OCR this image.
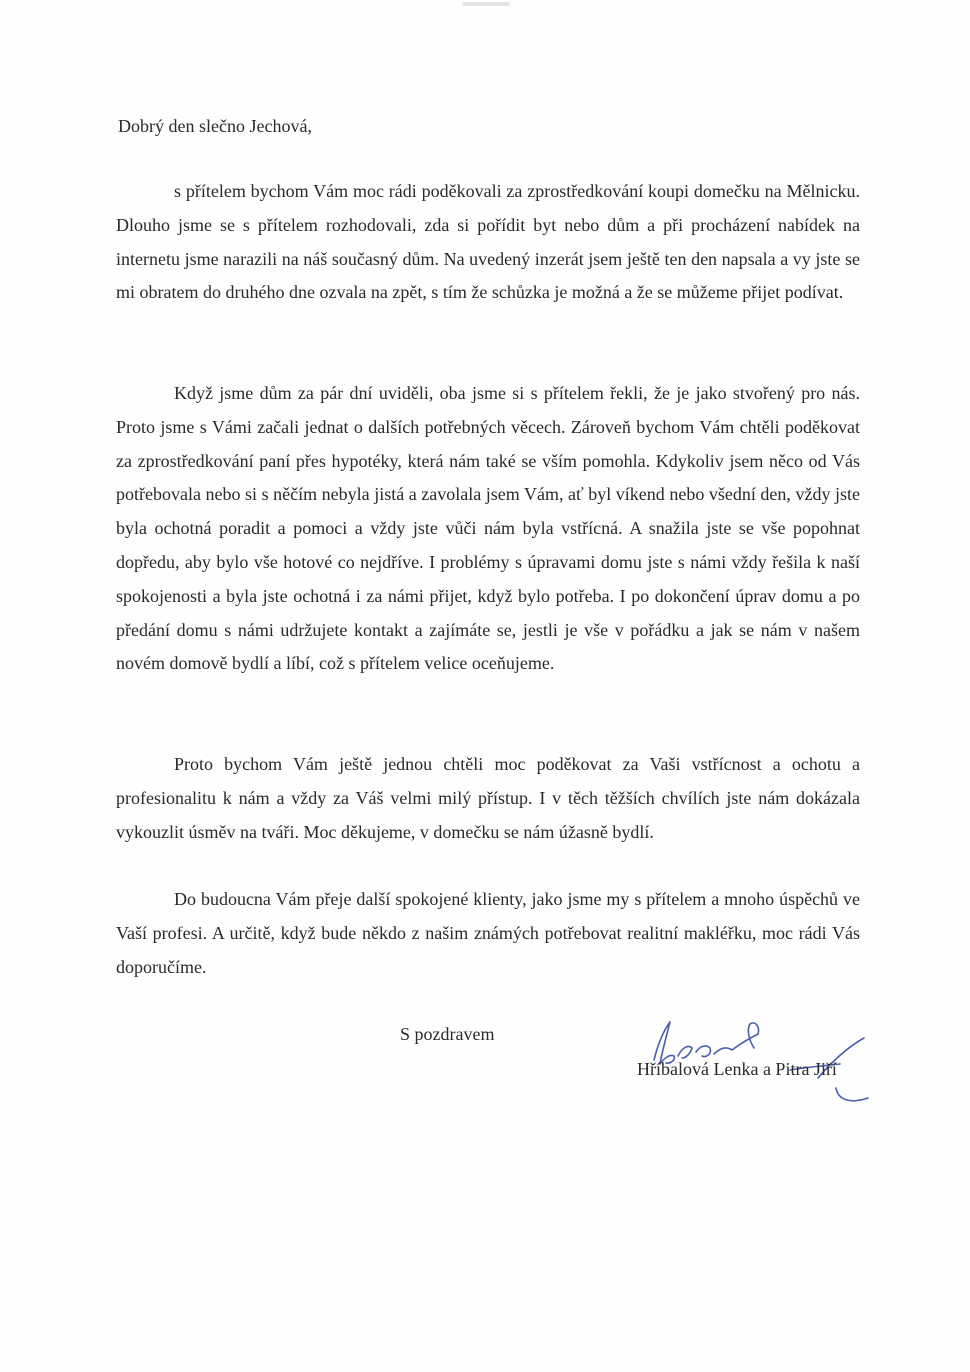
Dobrý den slečno Jechová,

s přítelem bychom Vám moc rádi poděkovali za zprostředkování koupi domečku na Mělnicku. Dlouho jsme se s přítelem rozhodovali, zda si pořídit byt nebo dům a při procházení nabídek na internetu jsme narazili na náš současný dům. Na uvedený inzerát jsem ještě ten den napsala a vy jste se mi obratem do druhého dne ozvala na zpět, s tím že schůzka je možná a že se můžeme přijet podívat.

Když jsme dům za pár dní uviděli, oba jsme si s přítelem řekli, že je jako stvořený pro nás. Proto jsme s Vámi začali jednat o dalších potřebných věcech. Zároveň bychom Vám chtěli poděkovat za zprostředkování paní přes hypotéky, která nám také se vším pomohla. Kdykoliv jsem něco od Vás potřebovala nebo si s něčím nebyla jistá a zavolala jsem Vám, ať byl víkend nebo všední den, vždy jste byla ochotná poradit a pomoci a vždy jste vůči nám byla vstřícná. A snažila jste se vše popohnat dopředu, aby bylo vše hotové co nejdříve. I problémy s úpravami domu jste s námi vždy řešila k naší spokojenosti a byla jste ochotná i za námi přijet, když bylo potřeba. I po dokončení úprav domu a po předání domu s námi udržujete kontakt a zajímáte se, jestli je vše v pořádku a jak se nám v našem novém domově bydlí a líbí, což s přítelem velice oceňujeme.

Proto bychom Vám ještě jednou chtěli moc poděkovat za Vaši vstřícnost a ochotu a profesionalitu k nám a vždy za Váš velmi milý přístup. I v těch těžších chvílích jste nám dokázala vykouzlit úsměv na tváři. Moc děkujeme, v domečku se nám úžasně bydlí.

Do budoucna Vám přeje další spokojené klienty, jako jsme my s přítelem a mnoho úspěchů ve Vaší profesi. A určitě, když bude někdo z našim známých potřebovat realitní makléřku, moc rádi Vás doporučíme.

S pozdravem

Hříbalová Lenka a Pitra Jiří
